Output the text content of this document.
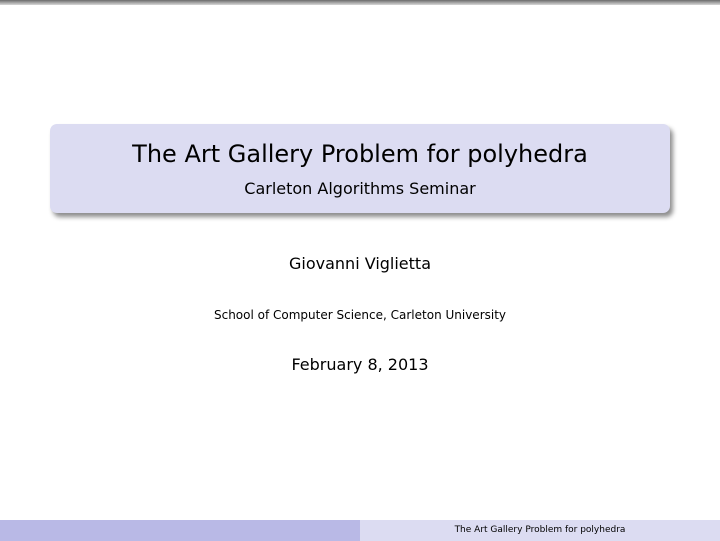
The Art Gallery Problem for polyhedra
Carleton Algorithms Seminar
Giovanni Viglietta
School of Computer Science, Carleton University
February 8, 2013
The Art Gallery Problem for polyhedra
